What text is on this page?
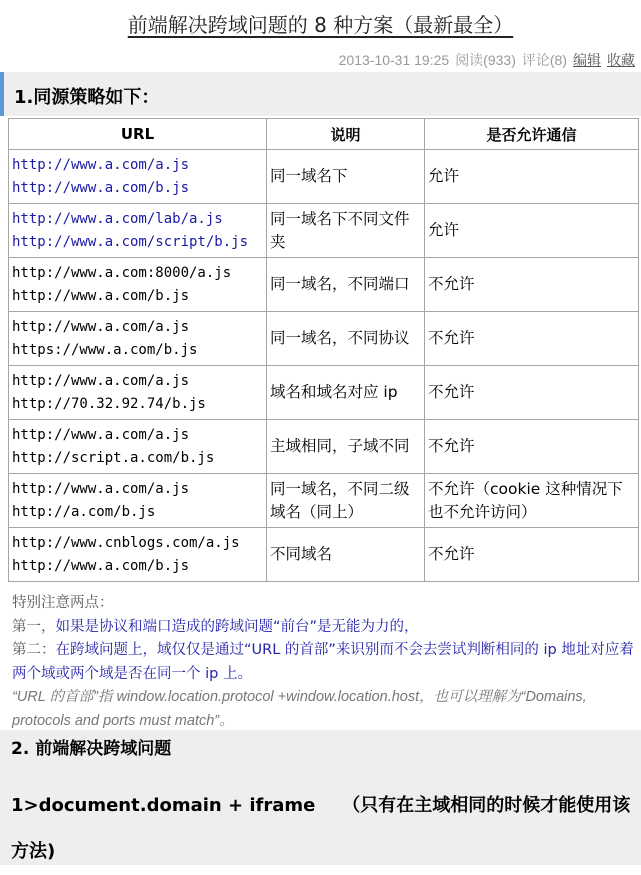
前端解决跨域问题的 8 种方案（最新最全）
2013-10-31 19:25 阅读(933) 评论(8) 编辑 收藏
1.同源策略如下：
URL	说明	是否允许通信

http://www.a.com/a.js
http://www.a.com/b.js	同一域名下	允许

http://www.a.com/lab/a.js
http://www.a.com/script/b.js	同一域名下不同文件夹	允许

http://www.a.com:8000/a.js
http://www.a.com/b.js	同一域名，不同端口	不允许

http://www.a.com/a.js
https://www.a.com/b.js	同一域名，不同协议	不允许

http://www.a.com/a.js
http://70.32.92.74/b.js	域名和域名对应 ip	不允许

http://www.a.com/a.js
http://script.a.com/b.js	主域相同，子域不同	不允许

http://www.a.com/a.js
http://a.com/b.js	同一域名，不同二级域名（同上）	不允许（cookie 这种情况下也不允许访问）

http://www.cnblogs.com/a.js
http://www.a.com/b.js	不同域名	不允许
特别注意两点：
第一，如果是协议和端口造成的跨域问题“前台”是无能为力的，
第二：在跨域问题上，域仅仅是通过“URL 的首部”来识别而不会去尝试判断相同的 ip 地址对应着两个域或两个域是否在同一个 ip 上。
“URL 的首部”指 window.location.protocol +window.location.host，也可以理解为“Domains, protocols and ports must match”。
2. 前端解决跨域问题
1>document.domain + iframe　　（只有在主域相同的时候才能使用该方法)
